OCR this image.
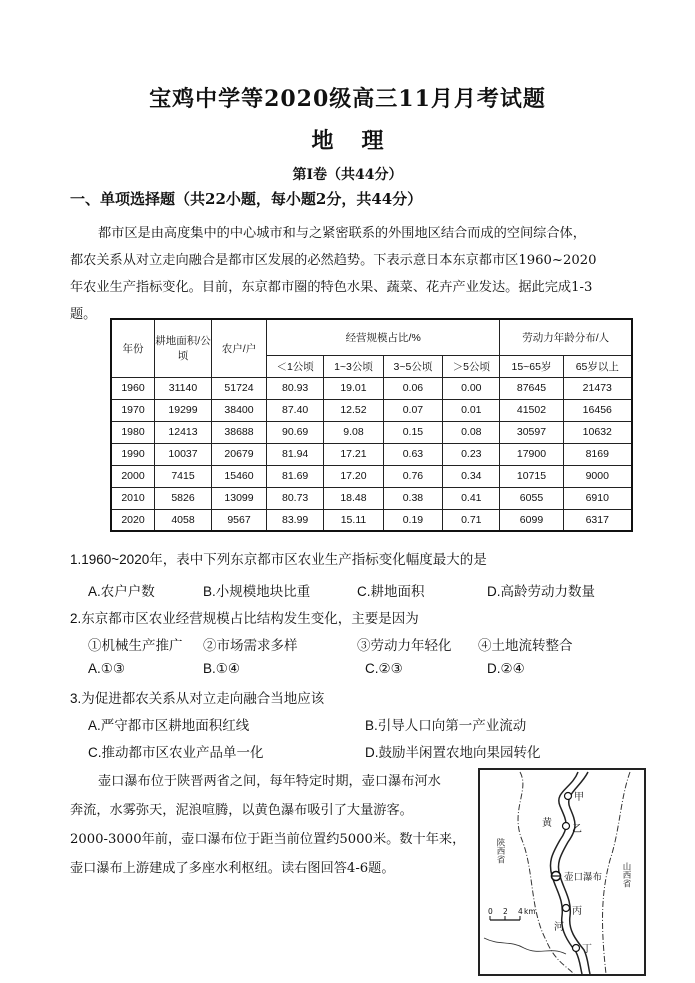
宝鸡中学等2020级高三11月月考试题
地理
第I卷（共44分）
一、单项选择题（共22小题，每小题2分，共44分）
都市区是由高度集中的中心城市和与之紧密联系的外围地区结合而成的空间综合体，
都农关系从对立走向融合是都市区发展的必然趋势。下表示意日本东京都市区1960~2020
年农业生产指标变化。目前，东京都市圈的特色水果、蔬菜、花卉产业发达。据此完成1-3
题。
年份	耕地面积/公顷	农户/户	经营规模占比/%				劳动力年龄分布/人	
			＜1公顷	1~3公顷	3~5公顷	＞5公顷	15~65岁	65岁以上
1960	31140	51724	80.93	19.01	0.06	0.00	87645	21473
1970	19299	38400	87.40	12.52	0.07	0.01	41502	16456
1980	12413	38688	90.69	9.08	0.15	0.08	30597	10632
1990	10037	20679	81.94	17.21	0.63	0.23	17900	8169
2000	7415	15460	81.69	17.20	0.76	0.34	10715	9000
2010	5826	13099	80.73	18.48	0.38	0.41	6055	6910
2020	4058	9567	83.99	15.11	0.19	0.71	6099	6317
1.1960~2020年，表中下列东京都市区农业生产指标变化幅度最大的是
A.农户户数	B.小规模地块比重	C.耕地面积	D.高龄劳动力数量
2.东京都市区农业经营规模占比结构发生变化，主要是因为
①机械生产推广 ②市场需求多样	③劳动力年轻化 ④土地流转整合
A.①③	B.①④	C.②③	D.②④
3.为促进都农关系从对立走向融合当地应该
A.严守都市区耕地面积红线	B.引导人口向第一产业流动
C.推动都市区农业产品单一化	D.鼓励半闲置农地向果园转化
壶口瀑布位于陕晋两省之间，每年特定时期，壶口瀑布河水
奔流，水雾弥天，泥浪喧腾，以黄色瀑布吸引了大量游客。
2000-3000年前，壶口瀑布位于距当前位置约5000米。数十年来，
壶口瀑布上游建成了多座水利枢纽。读右图回答4-6题。
陕西省
山西省
黄
河
甲
乙
壶口瀑布
丙
丁
0 2 4 km
